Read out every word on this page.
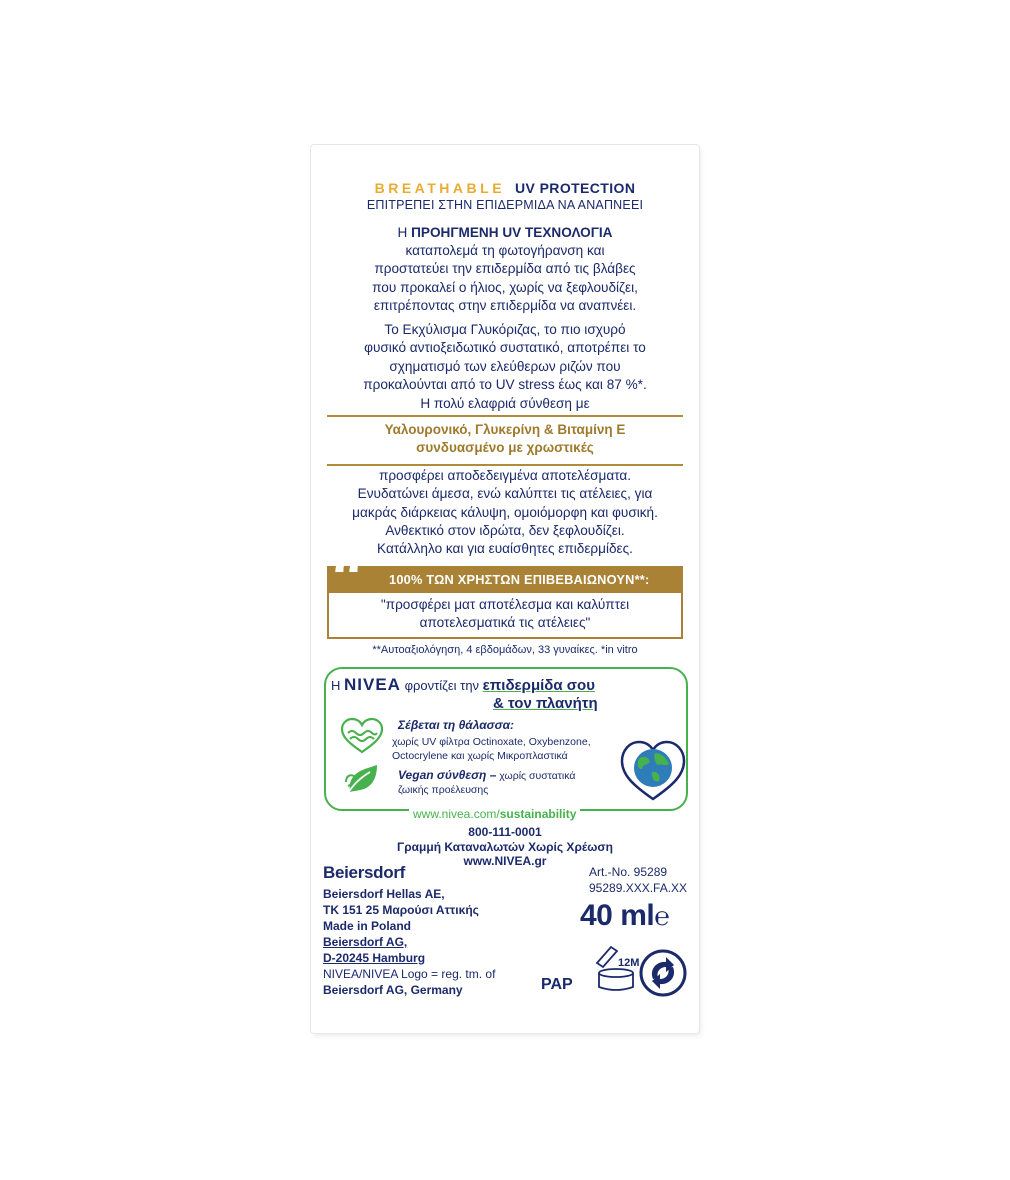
BREATHABLE UV PROTECTION
ΕΠΙΤΡΕΠΕΙ ΣΤΗΝ ΕΠΙΔΕΡΜΙΔΑ ΝΑ ΑΝΑΠΝΕΕΙ
Η ΠΡΟΗΓΜΕΝΗ UV ΤΕΧΝΟΛΟΓΙΑ
καταπολεμά τη φωτογήρανση και
προστατεύει την επιδερμίδα από τις βλάβες
που προκαλεί ο ήλιος, χωρίς να ξεφλουδίζει,
επιτρέποντας στην επιδερμίδα να αναπνέει.
Το Εκχύλισμα Γλυκόριζας, το πιο ισχυρό
φυσικό αντιοξειδωτικό συστατικό, αποτρέπει το
σχηματισμό των ελεύθερων ριζών που
προκαλούνται από το UV stress έως και 87 %*.
Η πολύ ελαφριά σύνθεση με
Υαλουρονικό, Γλυκερίνη & Βιταμίνη Ε
συνδυασμένο με χρωστικές
προσφέρει αποδεδειγμένα αποτελέσματα.
Ενυδατώνει άμεσα, ενώ καλύπτει τις ατέλειες, για
μακράς διάρκειας κάλυψη, ομοιόμορφη και φυσική.
Ανθεκτικό στον ιδρώτα, δεν ξεφλουδίζει.
Κατάλληλο και για ευαίσθητες επιδερμίδες.
“ 100% ΤΩΝ ΧΡΗΣΤΩΝ ΕΠΙΒΕΒΑΙΩΝΟΥΝ**:
"προσφέρει ματ αποτέλεσμα και καλύπτει
αποτελεσματικά τις ατέλειες"
**Αυτοαξιολόγηση, 4 εβδομάδων, 33 γυναίκες. *in vitro
Η NIVEA φροντίζει την επιδερμίδα σου
& τον πλανήτη
Σέβεται τη θάλασσα:
χωρίς UV φίλτρα Octinoxate, Oxybenzone,
Octocrylene και χωρίς Μικροπλαστικά
Vegan σύνθεση – χωρίς συστατικά
ζωικής προέλευσης
www.nivea.com/sustainability
800-111-0001
Γραμμή Καταναλωτών Χωρίς Χρέωση
www.NIVEA.gr
Beiersdorf
Beiersdorf Hellas AE,
ΤΚ 151 25 Μαρούσι Αττικής
Made in Poland
Beiersdorf AG,
D-20245 Hamburg
NIVEA/NIVEA Logo = reg. tm. of
Beiersdorf AG, Germany
Art.-No. 95289
95289.XXX.FA.XX
40 ml℮
PAP
12M
